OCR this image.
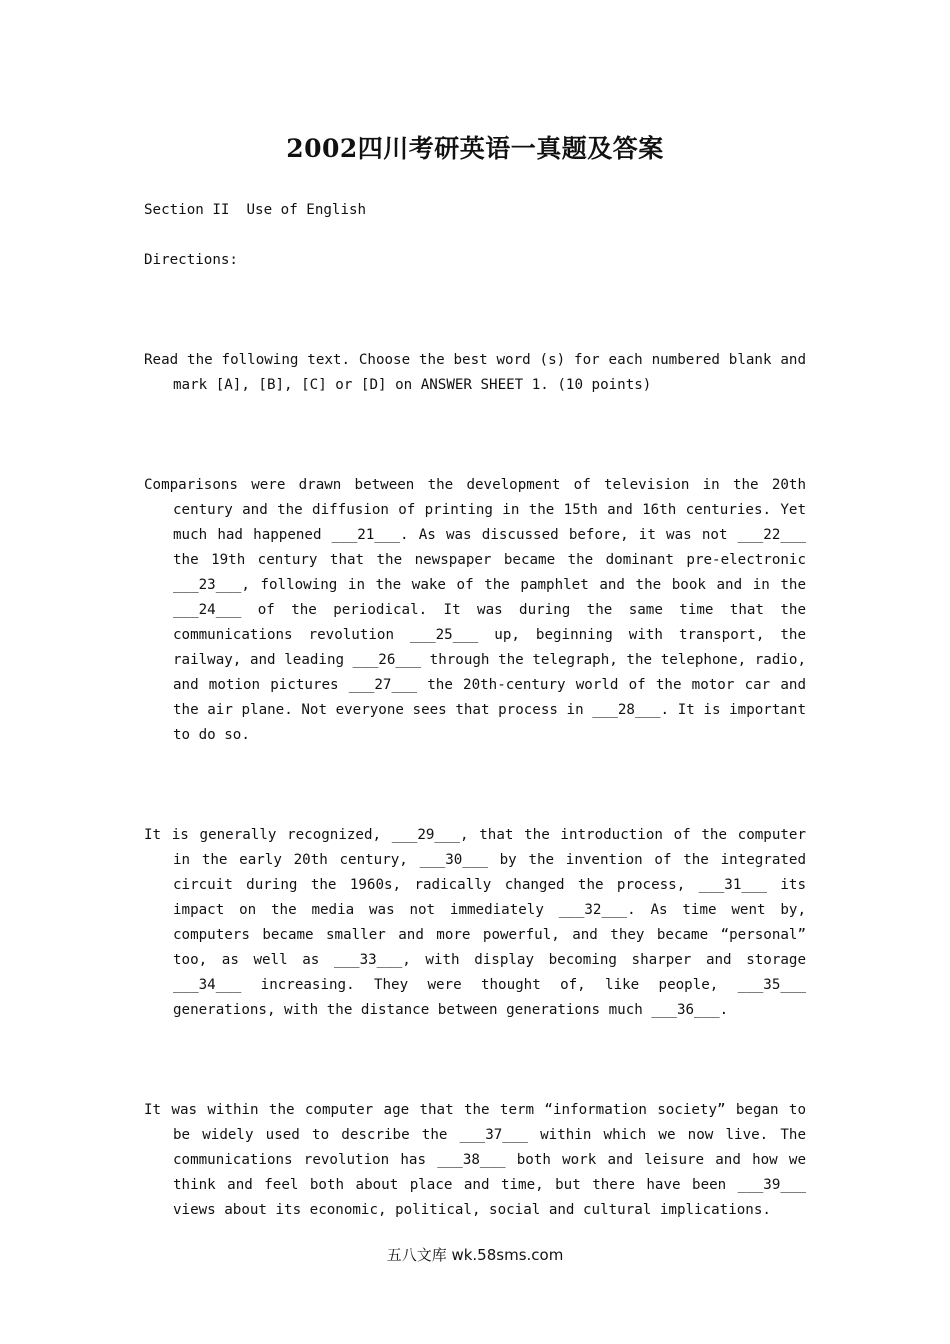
2002四川考研英语一真题及答案

Section II  Use of English

Directions:

Read the following text. Choose the best word (s) for each numbered blank and mark [A], [B], [C] or [D] on ANSWER SHEET 1. (10 points)

Comparisons were drawn between the development of television in the 20th century and the diffusion of printing in the 15th and 16th centuries. Yet much had happened ___21___. As was discussed before, it was not ___22___ the 19th century that the newspaper became the dominant pre-electronic ___23___, following in the wake of the pamphlet and the book and in the ___24___ of the periodical. It was during the same time that the communications revolution ___25___ up, beginning with transport, the railway, and leading ___26___ through the telegraph, the telephone, radio, and motion pictures ___27___ the 20th-century world of the motor car and the air plane. Not everyone sees that process in ___28___. It is important to do so.

It is generally recognized, ___29___, that the introduction of the computer in the early 20th century, ___30___ by the invention of the integrated circuit during the 1960s, radically changed the process, ___31___ its impact on the media was not immediately ___32___. As time went by, computers became smaller and more powerful, and they became “personal” too, as well as ___33___, with display becoming sharper and storage ___34___ increasing. They were thought of, like people, ___35___ generations, with the distance between generations much ___36___.

It was within the computer age that the term “information society” began to be widely used to describe the ___37___ within which we now live. The communications revolution has ___38___ both work and leisure and how we think and feel both about place and time, but there have been ___39___ views about its economic, political, social and cultural implications.

五八文库 wk.58sms.com
